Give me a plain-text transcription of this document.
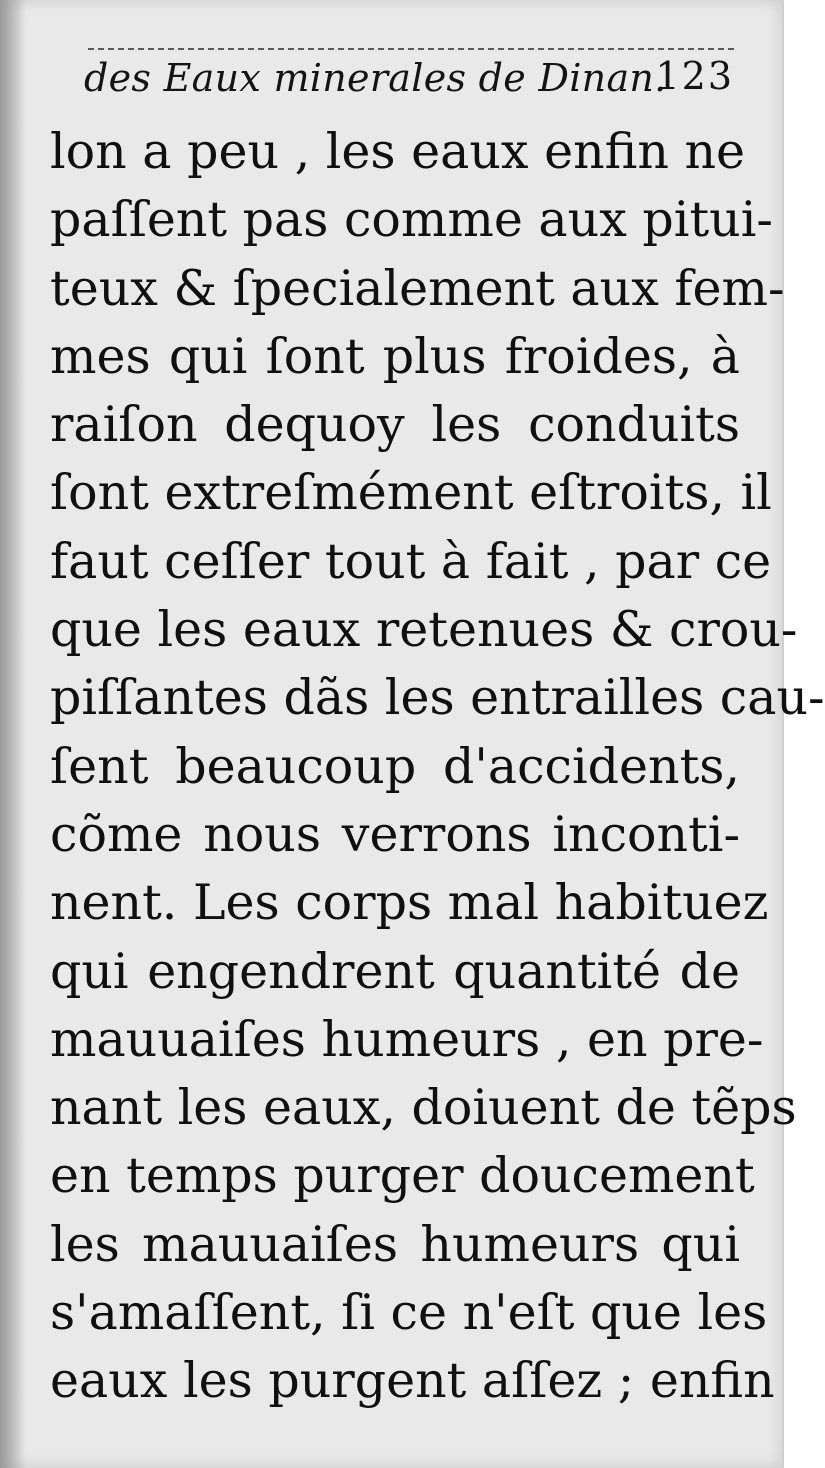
des Eaux minerales de Dinan.
123
lon a peu , les eaux enfin ne
paſſent pas comme aux pitui-
teux & ſpecialement aux fem-
mes qui ſont plus froides, à
raiſon dequoy les conduits
ſont extreſmément eſtroits, il
faut ceſſer tout à fait , par ce
que les eaux retenues & crou-
piſſantes dãs les entrailles cau-
ſent beaucoup d'accidents,
cõme nous verrons inconti-
nent. Les corps mal habituez
qui engendrent quantité de
mauuaiſes humeurs , en pre-
nant les eaux, doiuent de tẽps
en temps purger doucement
les mauuaiſes humeurs qui
s'amaſſent, ſi ce n'eſt que les
eaux les purgent aſſez ; enfin
